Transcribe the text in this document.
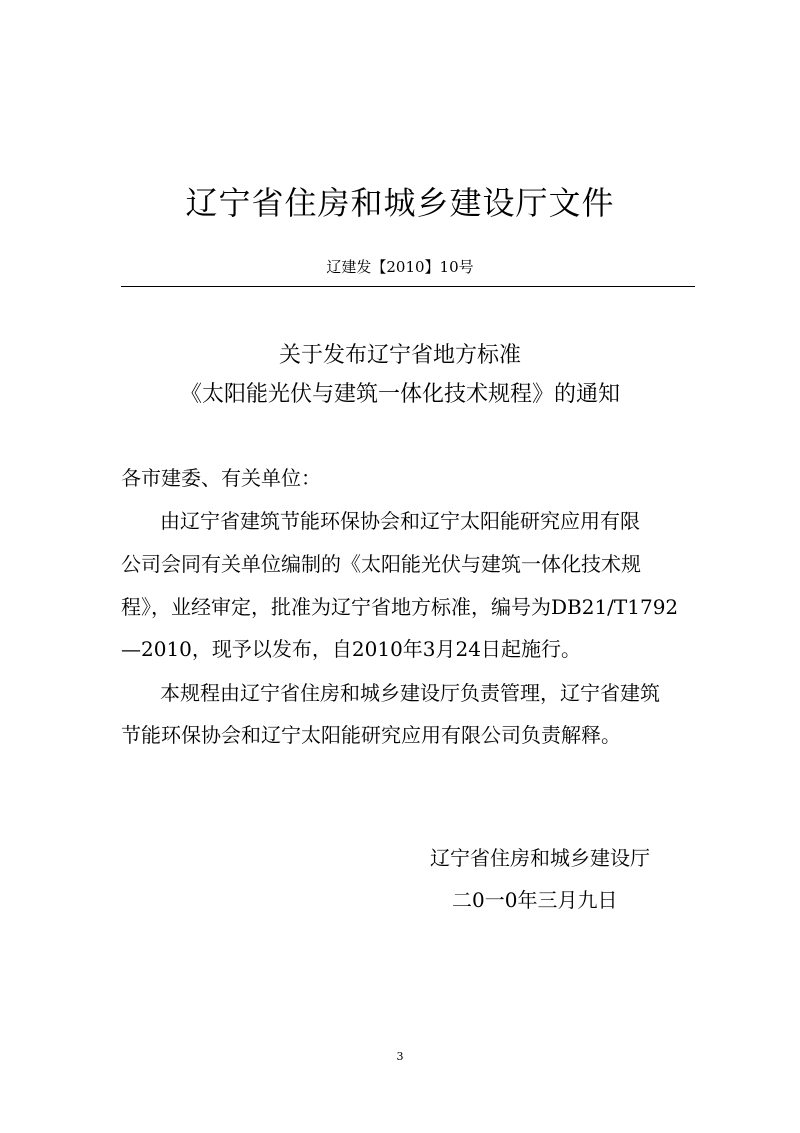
辽宁省住房和城乡建设厅文件
辽建发【2010】10号
关于发布辽宁省地方标准
《太阳能光伏与建筑一体化技术规程》的通知
各市建委、有关单位：
由辽宁省建筑节能环保协会和辽宁太阳能研究应用有限
公司会同有关单位编制的《太阳能光伏与建筑一体化技术规
程》，业经审定，批准为辽宁省地方标准，编号为DB21/T1792
—2010，现予以发布，自2010年3月24日起施行。
本规程由辽宁省住房和城乡建设厅负责管理，辽宁省建筑
节能环保协会和辽宁太阳能研究应用有限公司负责解释。
辽宁省住房和城乡建设厅
二0一0年三月九日
3
